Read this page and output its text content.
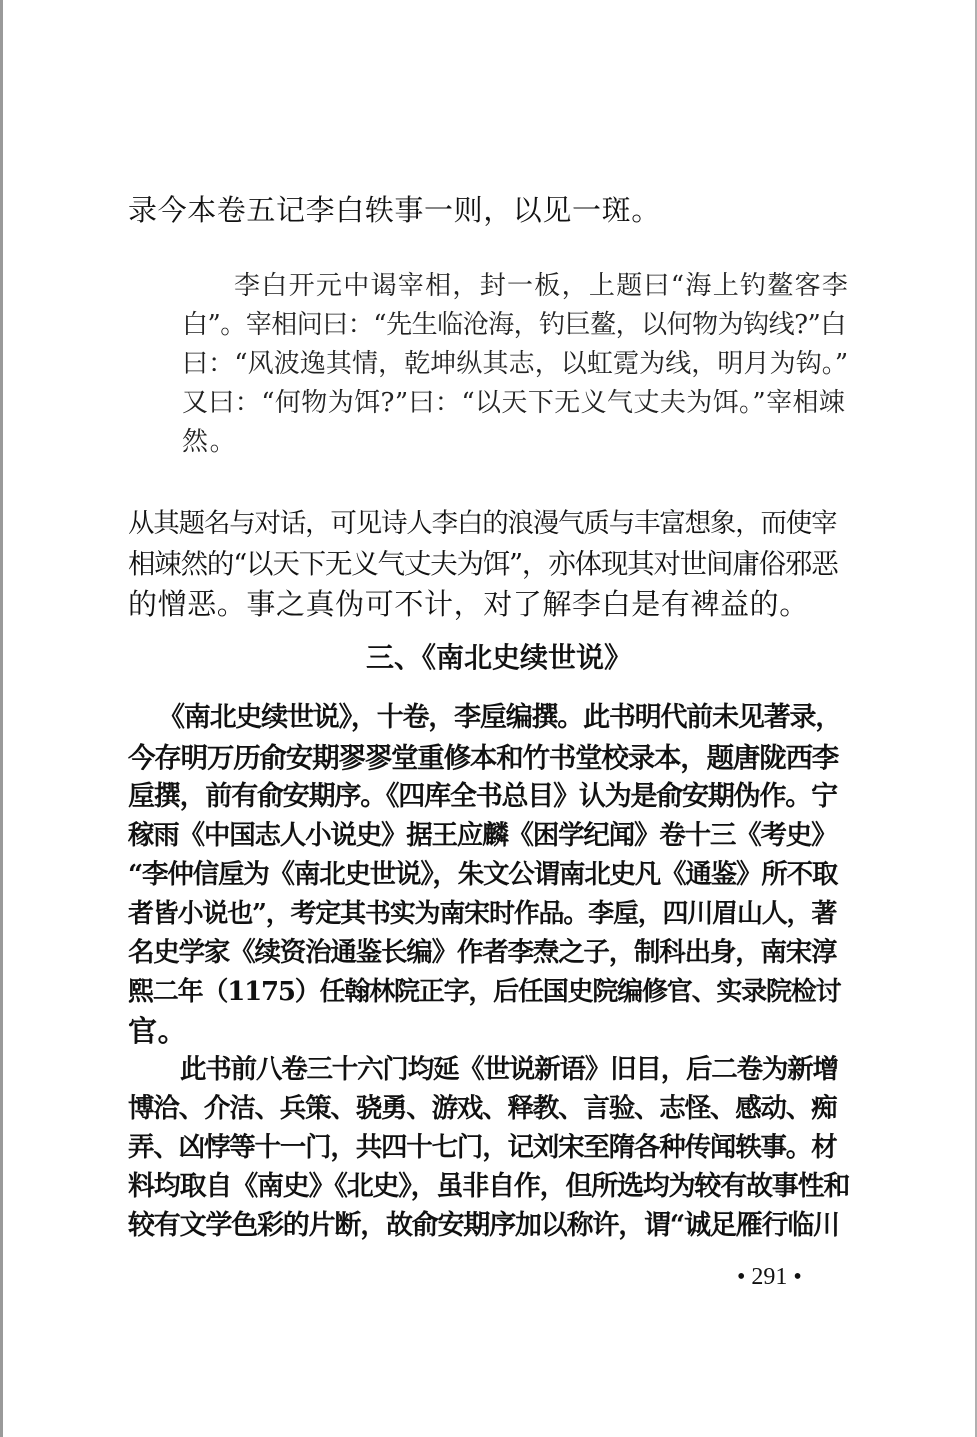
录今本卷五记李白轶事一则，以见一斑。
李白开元中谒宰相，封一板，上题曰“海上钓鳌客李
白”。宰相问曰：“先生临沧海，钓巨鳌，以何物为钩线?”白
曰：“风波逸其情，乾坤纵其志，以虹霓为线，明月为钩。”
又曰：“何物为饵?”曰：“以天下无义气丈夫为饵。”宰相竦
然。
从其题名与对话，可见诗人李白的浪漫气质与丰富想象，而使宰
相竦然的“以天下无义气丈夫为饵”，亦体现其对世间庸俗邪恶
的憎恶。事之真伪可不计，对了解李白是有裨益的。
三、《南北史续世说》
《南北史续世说》，十卷，李垕编撰。此书明代前未见著录，
今存明万历俞安期翏翏堂重修本和竹书堂校录本，题唐陇西李
垕撰，前有俞安期序。《四库全书总目》认为是俞安期伪作。宁
稼雨《中国志人小说史》据王应麟《困学纪闻》卷十三《考史》
“李仲信垕为《南北史世说》，朱文公谓南北史凡《通鉴》所不取
者皆小说也”，考定其书实为南宋时作品。李垕，四川眉山人，著
名史学家《续资治通鉴长编》作者李焘之子，制科出身，南宋淳
熙二年（1175）任翰林院正字，后任国史院编修官、实录院检讨
官。
此书前八卷三十六门均延《世说新语》旧目，后二卷为新增
博洽、介洁、兵策、骁勇、游戏、释教、言验、志怪、感动、痴
弄、凶悖等十一门，共四十七门，记刘宋至隋各种传闻轶事。材
料均取自《南史》《北史》，虽非自作，但所选均为较有故事性和
较有文学色彩的片断，故俞安期序加以称许，谓“诚足雁行临川
• 291 •
